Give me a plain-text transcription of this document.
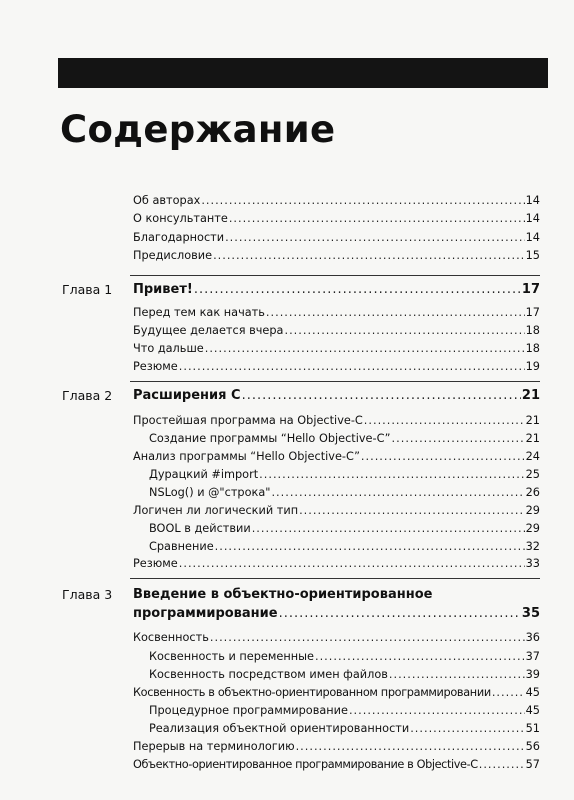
Содержание
Об авторах .....	14
О консультанте .....	14
Благодарности .....	14
Предисловие .....	15
Глава 1 Привет! .....	17
Перед тем как начать .....	17
Будущее делается вчера .....	18
Что дальше .....	18
Резюме .....	19
Глава 2 Расширения C .....	21
Простейшая программа на Objective-C .....	21
Создание программы “Hello Objective-C” .....	21
Анализ программы “Hello Objective-C” .....	24
Дурацкий #import .....	25
NSLog() и @"строка" .....	26
Логичен ли логический тип .....	29
BOOL в действии .....	29
Сравнение .....	32
Резюме .....	33
Глава 3 Введение в объектно-ориентированное
программирование .....	35
Косвенность .....	36
Косвенность и переменные .....	37
Косвенность посредством имен файлов .....	39
Косвенность в объектно-ориентированном программировании .....	45
Процедурное программирование .....	45
Реализация объектной ориентированности .....	51
Перерыв на терминологию .....	56
Объектно-ориентированное программирование в Objective-C .....	57
